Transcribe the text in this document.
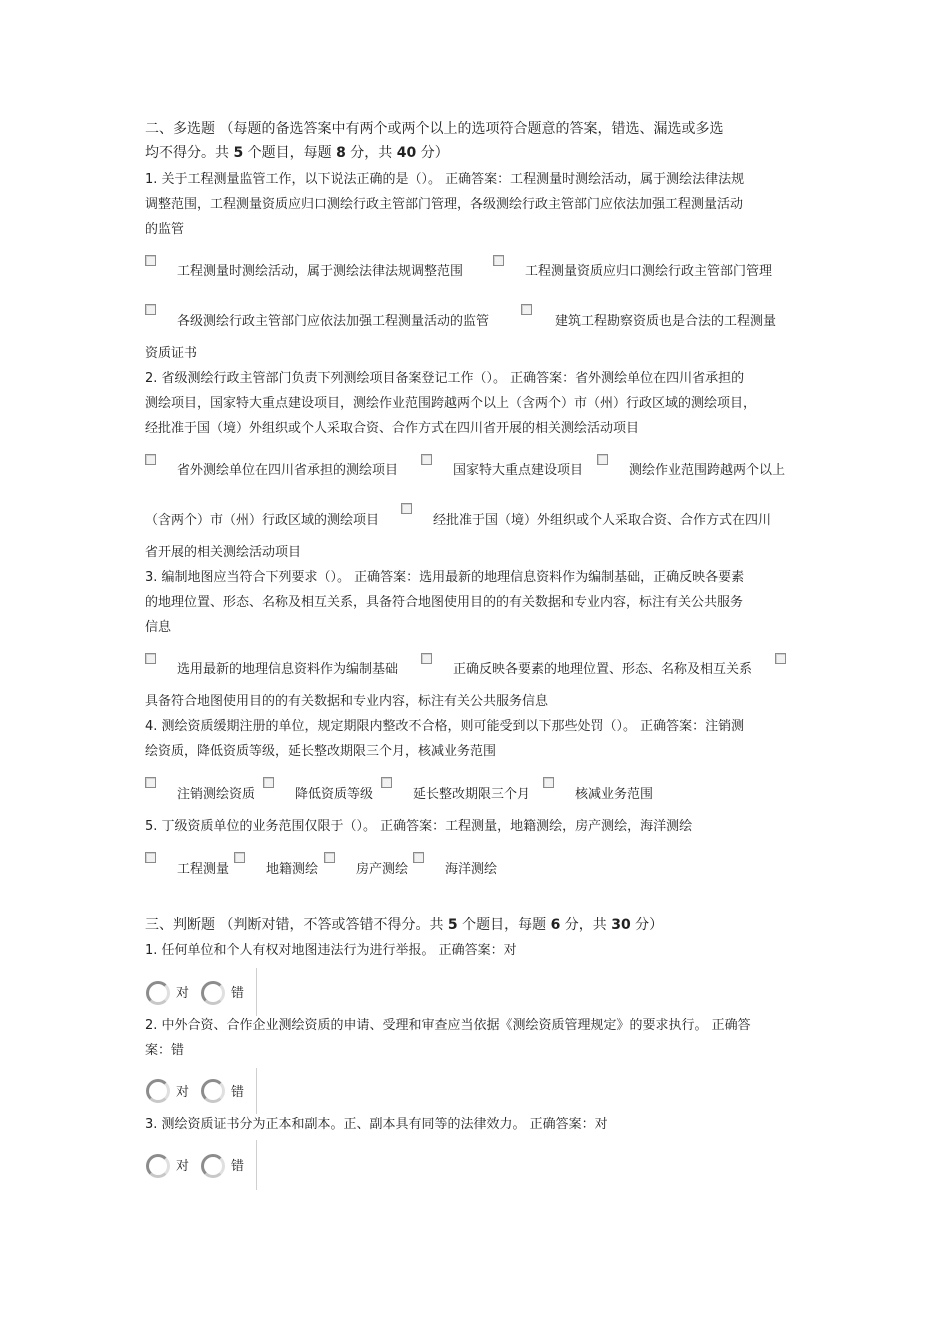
二、多选题 （每题的备选答案中有两个或两个以上的选项符合题意的答案，错选、漏选或多选
均不得分。共 5 个题目，每题 8 分，共 40 分）
1. 关于工程测量监管工作，以下说法正确的是（）。 正确答案：工程测量时测绘活动，属于测绘法律法规
调整范围，工程测量资质应归口测绘行政主管部门管理，各级测绘行政主管部门应依法加强工程测量活动
的监管
工程测量时测绘活动，属于测绘法律法规调整范围	工程测量资质应归口测绘行政主管部门管理
各级测绘行政主管部门应依法加强工程测量活动的监管	建筑工程勘察资质也是合法的工程测量
资质证书
2. 省级测绘行政主管部门负责下列测绘项目备案登记工作（）。 正确答案：省外测绘单位在四川省承担的
测绘项目，国家特大重点建设项目，测绘作业范围跨越两个以上（含两个）市（州）行政区域的测绘项目，
经批准于国（境）外组织或个人采取合资、合作方式在四川省开展的相关测绘活动项目
省外测绘单位在四川省承担的测绘项目	国家特大重点建设项目	测绘作业范围跨越两个以上
（含两个）市（州）行政区域的测绘项目	经批准于国（境）外组织或个人采取合资、合作方式在四川
省开展的相关测绘活动项目
3. 编制地图应当符合下列要求（）。 正确答案：选用最新的地理信息资料作为编制基础，正确反映各要素
的地理位置、形态、名称及相互关系，具备符合地图使用目的的有关数据和专业内容，标注有关公共服务
信息
选用最新的地理信息资料作为编制基础	正确反映各要素的地理位置、形态、名称及相互关系
具备符合地图使用目的的有关数据和专业内容，标注有关公共服务信息
4. 测绘资质缓期注册的单位，规定期限内整改不合格，则可能受到以下那些处罚（）。 正确答案：注销测
绘资质，降低资质等级，延长整改期限三个月，核减业务范围
注销测绘资质	降低资质等级	延长整改期限三个月	核减业务范围
5. 丁级资质单位的业务范围仅限于（）。 正确答案：工程测量，地籍测绘，房产测绘，海洋测绘
工程测量	地籍测绘	房产测绘	海洋测绘
三、判断题 （判断对错，不答或答错不得分。共 5 个题目，每题 6 分，共 30 分）
1. 任何单位和个人有权对地图违法行为进行举报。 正确答案：对
对	错
2. 中外合资、合作企业测绘资质的申请、受理和审查应当依据《测绘资质管理规定》的要求执行。 正确答
案：错
对	错
3. 测绘资质证书分为正本和副本。正、副本具有同等的法律效力。 正确答案：对
对	错
